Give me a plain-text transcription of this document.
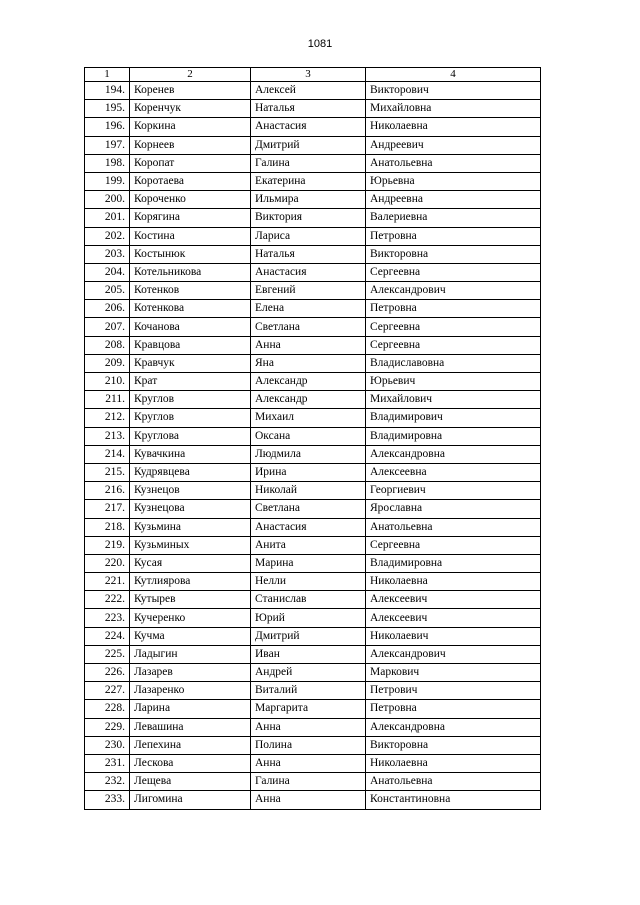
1081
1	2	3	4
194.	Коренев	Алексей	Викторович
195.	Коренчук	Наталья	Михайловна
196.	Коркина	Анастасия	Николаевна
197.	Корнеев	Дмитрий	Андреевич
198.	Коропат	Галина	Анатольевна
199.	Коротаева	Екатерина	Юрьевна
200.	Короченко	Ильмира	Андреевна
201.	Корягина	Виктория	Валериевна
202.	Костина	Лариса	Петровна
203.	Костынюк	Наталья	Викторовна
204.	Котельникова	Анастасия	Сергеевна
205.	Котенков	Евгений	Александрович
206.	Котенкова	Елена	Петровна
207.	Кочанова	Светлана	Сергеевна
208.	Кравцова	Анна	Сергеевна
209.	Кравчук	Яна	Владиславовна
210.	Крат	Александр	Юрьевич
211.	Круглов	Александр	Михайлович
212.	Круглов	Михаил	Владимирович
213.	Круглова	Оксана	Владимировна
214.	Кувачкина	Людмила	Александровна
215.	Кудрявцева	Ирина	Алексеевна
216.	Кузнецов	Николай	Георгиевич
217.	Кузнецова	Светлана	Ярославна
218.	Кузьмина	Анастасия	Анатольевна
219.	Кузьминых	Анита	Сергеевна
220.	Кусая	Марина	Владимировна
221.	Кутлиярова	Нелли	Николаевна
222.	Кутырев	Станислав	Алексеевич
223.	Кучеренко	Юрий	Алексеевич
224.	Кучма	Дмитрий	Николаевич
225.	Ладыгин	Иван	Александрович
226.	Лазарев	Андрей	Маркович
227.	Лазаренко	Виталий	Петрович
228.	Ларина	Маргарита	Петровна
229.	Левашина	Анна	Александровна
230.	Лепехина	Полина	Викторовна
231.	Лескова	Анна	Николаевна
232.	Лещева	Галина	Анатольевна
233.	Лигомина	Анна	Константиновна
